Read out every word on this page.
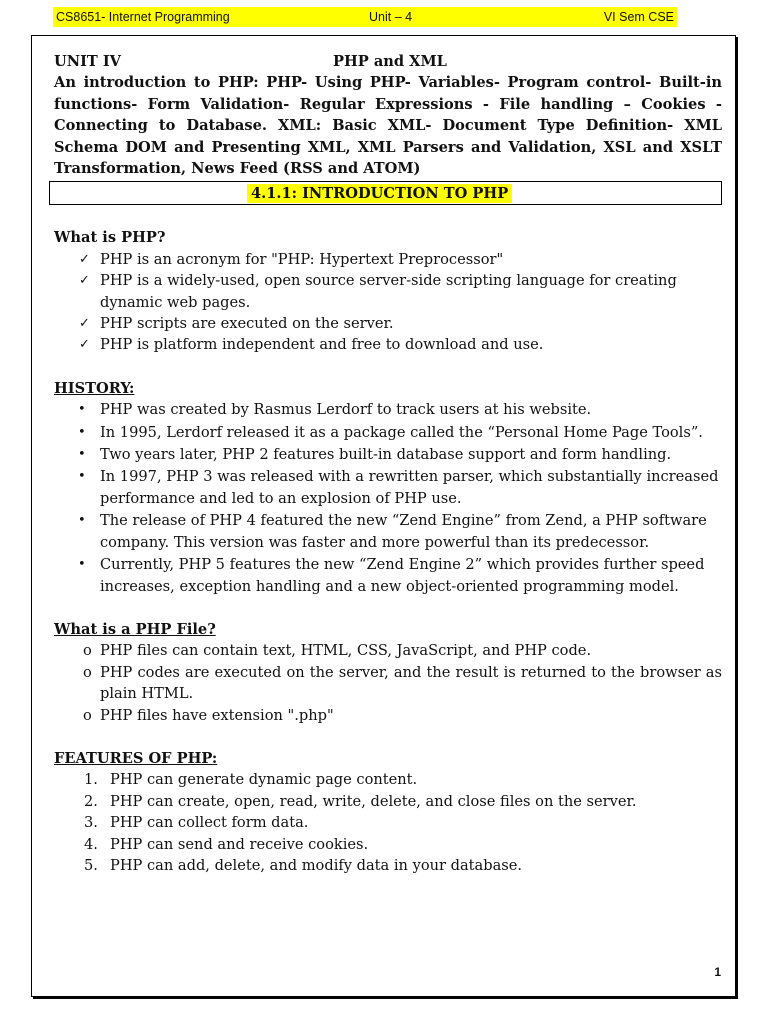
CS8651- Internet Programming	Unit – 4	VI Sem CSE
UNIT IV	PHP and XML

An introduction to PHP: PHP- Using PHP- Variables- Program control- Built-in functions- Form Validation- Regular Expressions - File handling – Cookies - Connecting to Database. XML: Basic XML- Document Type Definition- XML Schema DOM and Presenting XML, XML Parsers and Validation, XSL and XSLT Transformation, News Feed (RSS and ATOM)

4.1.1: INTRODUCTION TO PHP
What is PHP?
✓ PHP is an acronym for "PHP: Hypertext Preprocessor"
✓ PHP is a widely-used, open source server-side scripting language for creating dynamic web pages.
✓ PHP scripts are executed on the server.
✓ PHP is platform independent and free to download and use.
HISTORY:
• PHP was created by Rasmus Lerdorf to track users at his website.
• In 1995, Lerdorf released it as a package called the “Personal Home Page Tools”.
• Two years later, PHP 2 features built-in database support and form handling.
• In 1997, PHP 3 was released with a rewritten parser, which substantially increased performance and led to an explosion of PHP use.
• The release of PHP 4 featured the new “Zend Engine” from Zend, a PHP software company. This version was faster and more powerful than its predecessor.
• Currently, PHP 5 features the new “Zend Engine 2” which provides further speed increases, exception handling and a new object-oriented programming model.
What is a PHP File?
o PHP files can contain text, HTML, CSS, JavaScript, and PHP code.
o PHP codes are executed on the server, and the result is returned to the browser as plain HTML.
o PHP files have extension ".php"
FEATURES OF PHP:
1. PHP can generate dynamic page content.
2. PHP can create, open, read, write, delete, and close files on the server.
3. PHP can collect form data.
4. PHP can send and receive cookies.
5. PHP can add, delete, and modify data in your database.
1
